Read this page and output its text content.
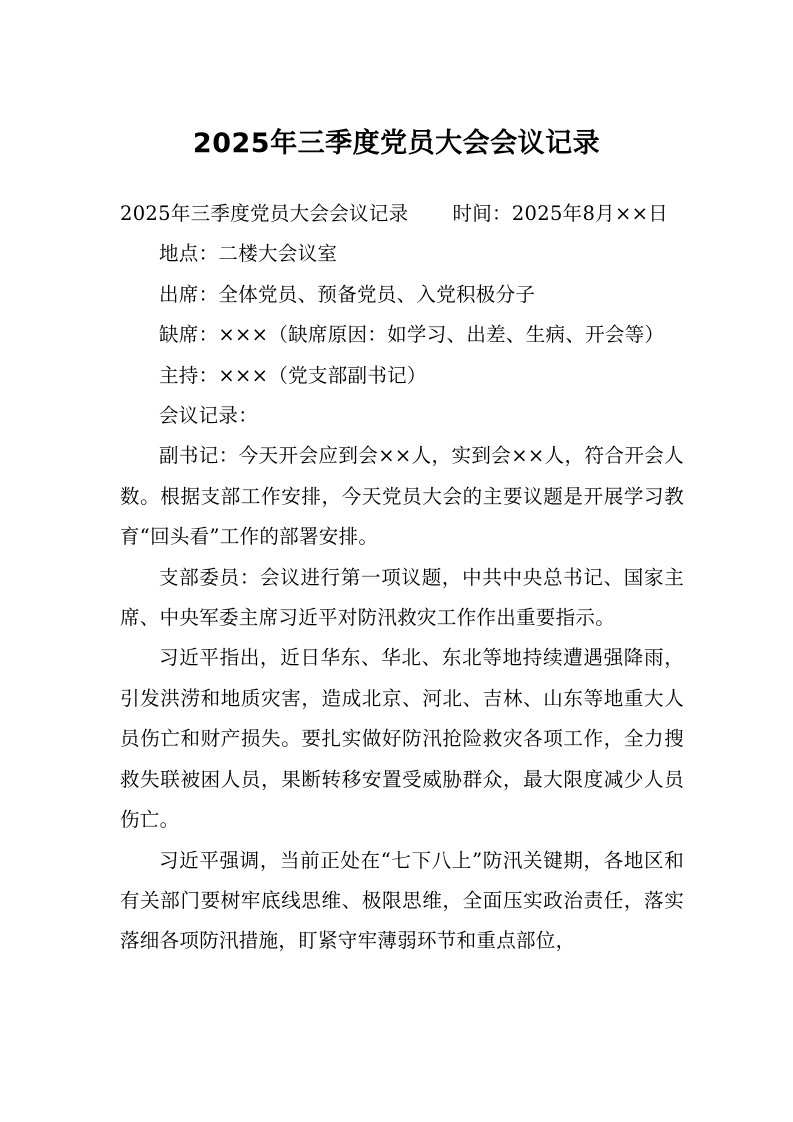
2025年三季度党员大会会议记录

2025年三季度党员大会会议记录 时间：2025年8月××日

地点：二楼大会议室

出席：全体党员、预备党员、入党积极分子

缺席：×××（缺席原因：如学习、出差、生病、开会等）

主持：×××（党支部副书记）

会议记录：

副书记：今天开会应到会××人，实到会××人，符合开会人数。根据支部工作安排，今天党员大会的主要议题是开展学习教育“回头看”工作的部署安排。

支部委员：会议进行第一项议题，中共中央总书记、国家主席、中央军委主席习近平对防汛救灾工作作出重要指示。

习近平指出，近日华东、华北、东北等地持续遭遇强降雨，引发洪涝和地质灾害，造成北京、河北、吉林、山东等地重大人员伤亡和财产损失。要扎实做好防汛抢险救灾各项工作，全力搜救失联被困人员，果断转移安置受威胁群众，最大限度减少人员伤亡。

习近平强调，当前正处在“七下八上”防汛关键期，各地区和有关部门要树牢底线思维、极限思维，全面压实政治责任，落实落细各项防汛措施，盯紧守牢薄弱环节和重点部位，
